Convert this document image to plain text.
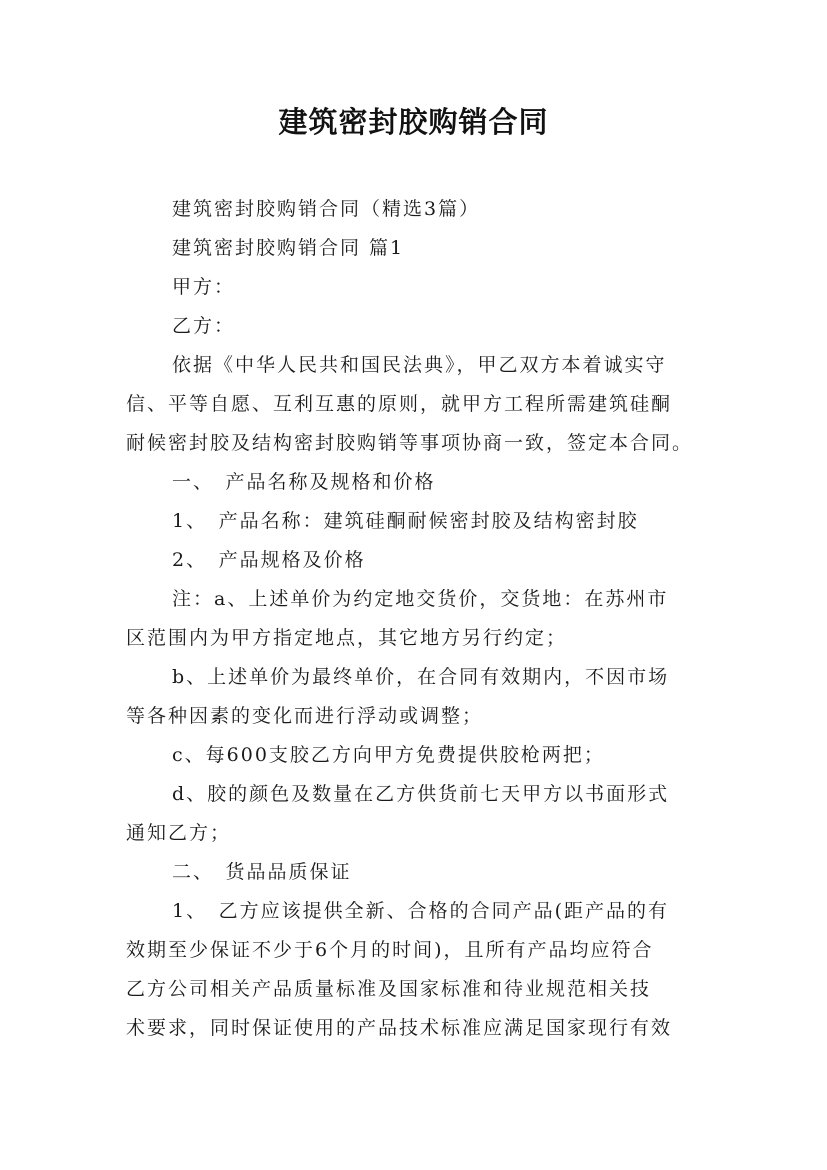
建筑密封胶购销合同
建筑密封胶购销合同（精选3篇）
建筑密封胶购销合同 篇1
甲方：
乙方：
依据《中华人民共和国民法典》，甲乙双方本着诚实守
信、平等自愿、互利互惠的原则，就甲方工程所需建筑硅酮
耐候密封胶及结构密封胶购销等事项协商一致，签定本合同。
一、　产品名称及规格和价格
1、　产品名称：建筑硅酮耐候密封胶及结构密封胶
2、　产品规格及价格
注：a、上述单价为约定地交货价，交货地：在苏州市
区范围内为甲方指定地点，其它地方另行约定；
b、上述单价为最终单价，在合同有效期内，不因市场
等各种因素的变化而进行浮动或调整；
c、每600支胶乙方向甲方免费提供胶枪两把；
d、胶的颜色及数量在乙方供货前七天甲方以书面形式
通知乙方；
二、　货品品质保证
1、　乙方应该提供全新、合格的合同产品(距产品的有
效期至少保证不少于6个月的时间)，且所有产品均应符合
乙方公司相关产品质量标准及国家标准和待业规范相关技
术要求，同时保证使用的产品技术标准应满足国家现行有效
